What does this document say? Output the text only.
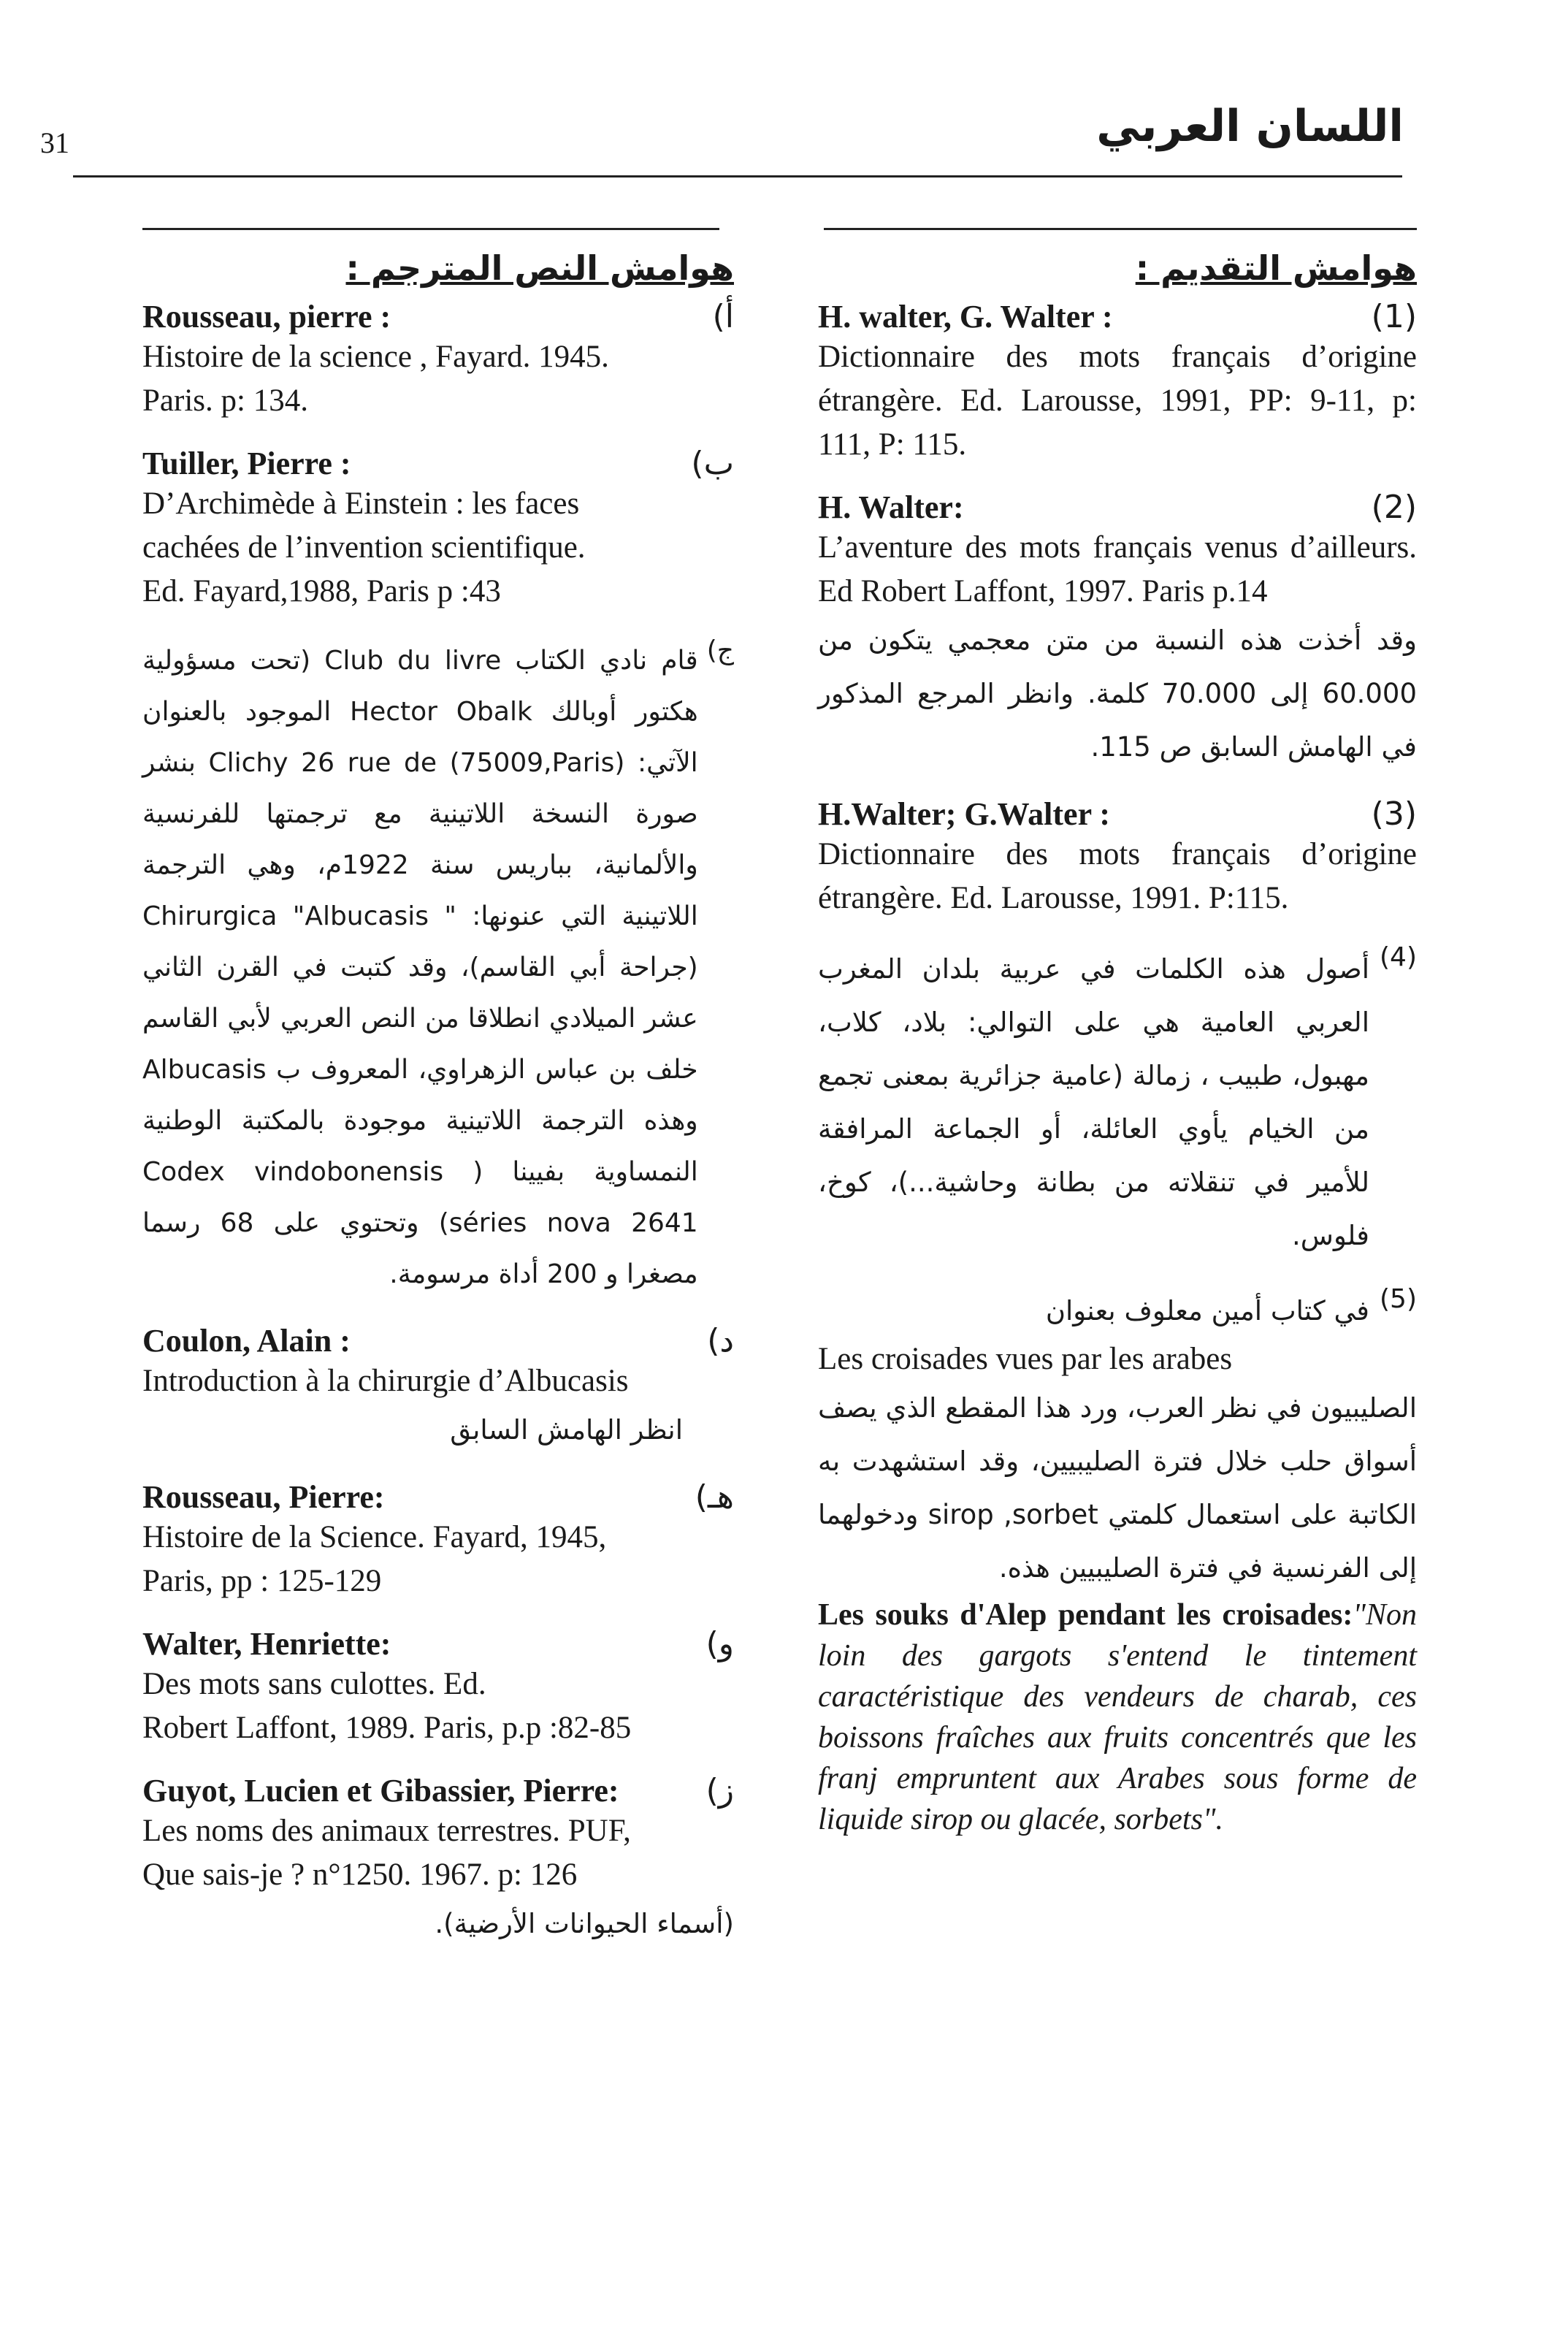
31	اللسان العربي
هوامش التقديم :
H. walter, G. Walter :	(1)
Dictionnaire des mots français d’origine étrangère. Ed. Larousse, 1991, PP: 9-11, p: 111, P: 115.
H. Walter:	(2)
L’aventure des mots français venus d’ailleurs. Ed Robert Laffont, 1997. Paris p.14
وقد أخذت هذه النسبة من متن معجمي يتكون من 60.000 إلى 70.000 كلمة. وانظر المرجع المذكور في الهامش السابق ص 115.
H.Walter; G.Walter :	(3)
Dictionnaire des mots français d’origine étrangère. Ed. Larousse, 1991. P:115.
أصول هذه الكلمات في عربية بلدان المغرب العربي العامية هي على التوالي: بلاد، كلاب، مهبول، طبيب ، زمالة (عامية جزائرية بمعنى تجمع من الخيام يأوي العائلة، أو الجماعة المرافقة للأمير في تنقلاته من بطانة وحاشية...)، كوخ، فلوس.
(4)
في كتاب أمين معلوف بعنوان (5)
Les croisades vues par les arabes
الصليبيون في نظر العرب، ورد هذا المقطع الذي يصف أسواق حلب خلال فترة الصليبيين، وقد استشهدت به الكاتبة على استعمال كلمتي sirop ,sorbet ودخولهما إلى الفرنسية في فترة الصليبيين هذه.
Les souks d'Alep pendant les croisades:"Non loin des gargots s'entend le tintement caractéristique des vendeurs de charab, ces boissons fraîches aux fruits concentrés que les franj empruntent aux Arabes sous forme de liquide sirop ou glacée, sorbets".
هوامش النص المترجم :
Rousseau, pierre :	(أ
Histoire de la science , Fayard. 1945.
Paris. p: 134.
Tuiller, Pierre :	(ب
D’Archimède à Einstein : les faces
cachées de l’invention scientifique.
Ed. Fayard,1988, Paris p :43
قام نادي الكتاب Club du livre (تحت مسؤولية هكتور أوبالك Hector Obalk الموجود بالعنوان الآتي: Clichy 26 rue de (75009,Paris) بنشر صورة النسخة اللاتينية مع ترجمتها للفرنسية والألمانية، بباريس سنة 1922م، وهي الترجمة اللاتينية التي عنونها: " Chirurgica "Albucasis (جراحة أبي القاسم)، وقد كتبت في القرن الثاني عشر الميلادي انطلاقا من النص العربي لأبي القاسم خلف بن عباس الزهراوي، المعروف ب Albucasis وهذه الترجمة اللاتينية موجودة بالمكتبة الوطنية النمساوية بفيينا ( Codex vindobonensis séries nova 2641) وتحتوي على 68 رسما مصغرا و 200 أداة مرسومة.
(ج
Coulon, Alain :	(د
Introduction à la chirurgie d’Albucasis
انظر الهامش السابق
Rousseau, Pierre:	(هـ
Histoire de la Science. Fayard, 1945,
Paris, pp : 125-129
Walter, Henriette:	(و
Des mots sans culottes. Ed.
Robert Laffont, 1989. Paris, p.p :82-85
Guyot, Lucien et Gibassier, Pierre:	(ز
Les noms des animaux terrestres. PUF,
Que sais-je ? n°1250. 1967. p: 126
(أسماء الحيوانات الأرضية).
